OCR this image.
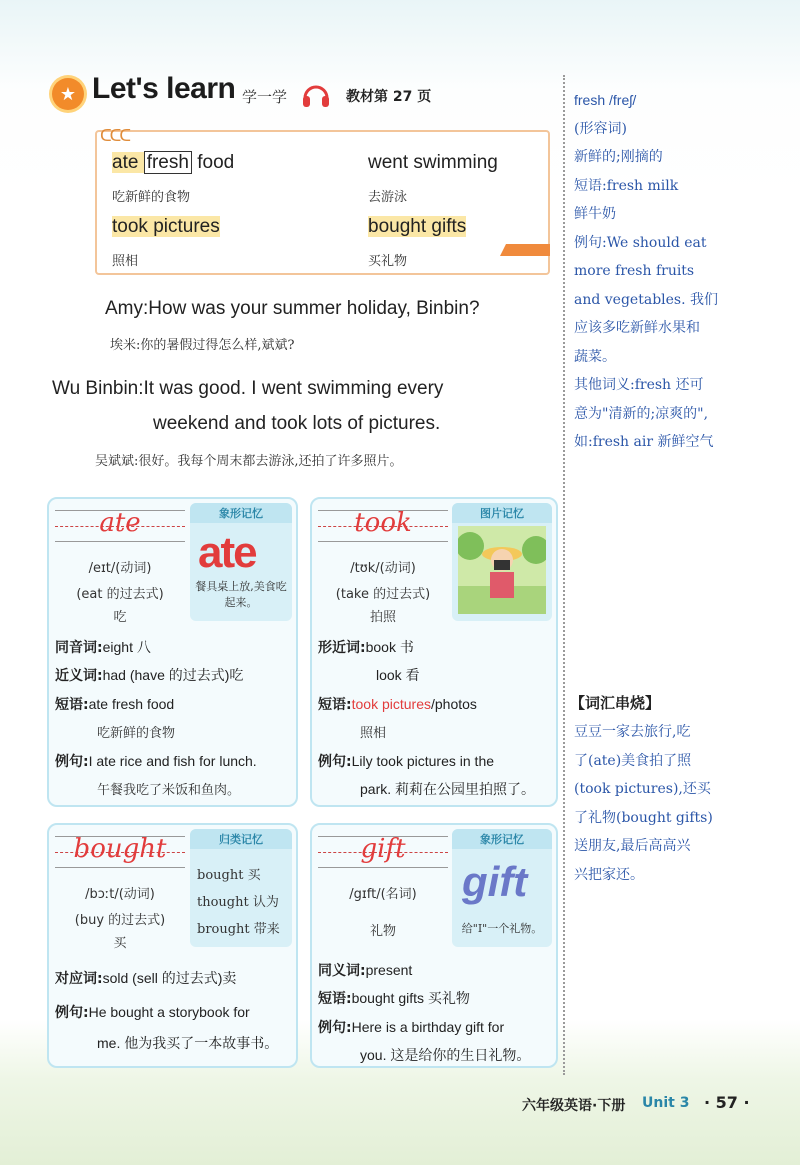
★ Let's learn 学一学	教材第 27 页
ᑕᑕᑕ
ate fresh food
吃新鲜的食物
went swimming
去游泳
took pictures
照相
bought gifts
买礼物
Amy:How was your summer holiday, Binbin?
埃米:你的暑假过得怎么样,斌斌?
Wu Binbin:It was good. I went swimming every
weekend and took lots of pictures.
吴斌斌:很好。我每个周末都去游泳,还拍了许多照片。
ate
/eɪt/(动词)
(eat 的过去式)
吃
象形记忆
ate
餐具桌上放,美食吃起来。
同音词:eight 八
近义词:had (have 的过去式)吃
短语:ate fresh food
吃新鲜的食物
例句:I ate rice and fish for lunch.
午餐我吃了米饭和鱼肉。
took
/tʊk/(动词)
(take 的过去式)
拍照
图片记忆
形近词:book 书
look 看
短语:took pictures/photos
照相
例句:Lily took pictures in the
park. 莉莉在公园里拍照了。
bought
/bɔːt/(动词)
(buy 的过去式)
买
归类记忆
bought 买
thought 认为
brought 带来
对应词:sold (sell 的过去式)卖
例句:He bought a storybook for
me. 他为我买了一本故事书。
gift
/gɪft/(名词)
礼物
象形记忆
gift
给"I"一个礼物。
同义词:present
短语:bought gifts 买礼物
例句:Here is a birthday gift for
you. 这是给你的生日礼物。
fresh /freʃ/
(形容词)
新鲜的;刚摘的
短语:fresh milk
鲜牛奶
例句:We should eat
more fresh fruits
and vegetables. 我们
应该多吃新鲜水果和
蔬菜。
其他词义:fresh 还可
意为"清新的;凉爽的",
如:fresh air 新鲜空气
【词汇串烧】
豆豆一家去旅行,吃
了(ate)美食拍了照
(took pictures),还买
了礼物(bought gifts)
送朋友,最后高高兴
兴把家还。
六年级英语·下册 Unit 3 · 57 ·
